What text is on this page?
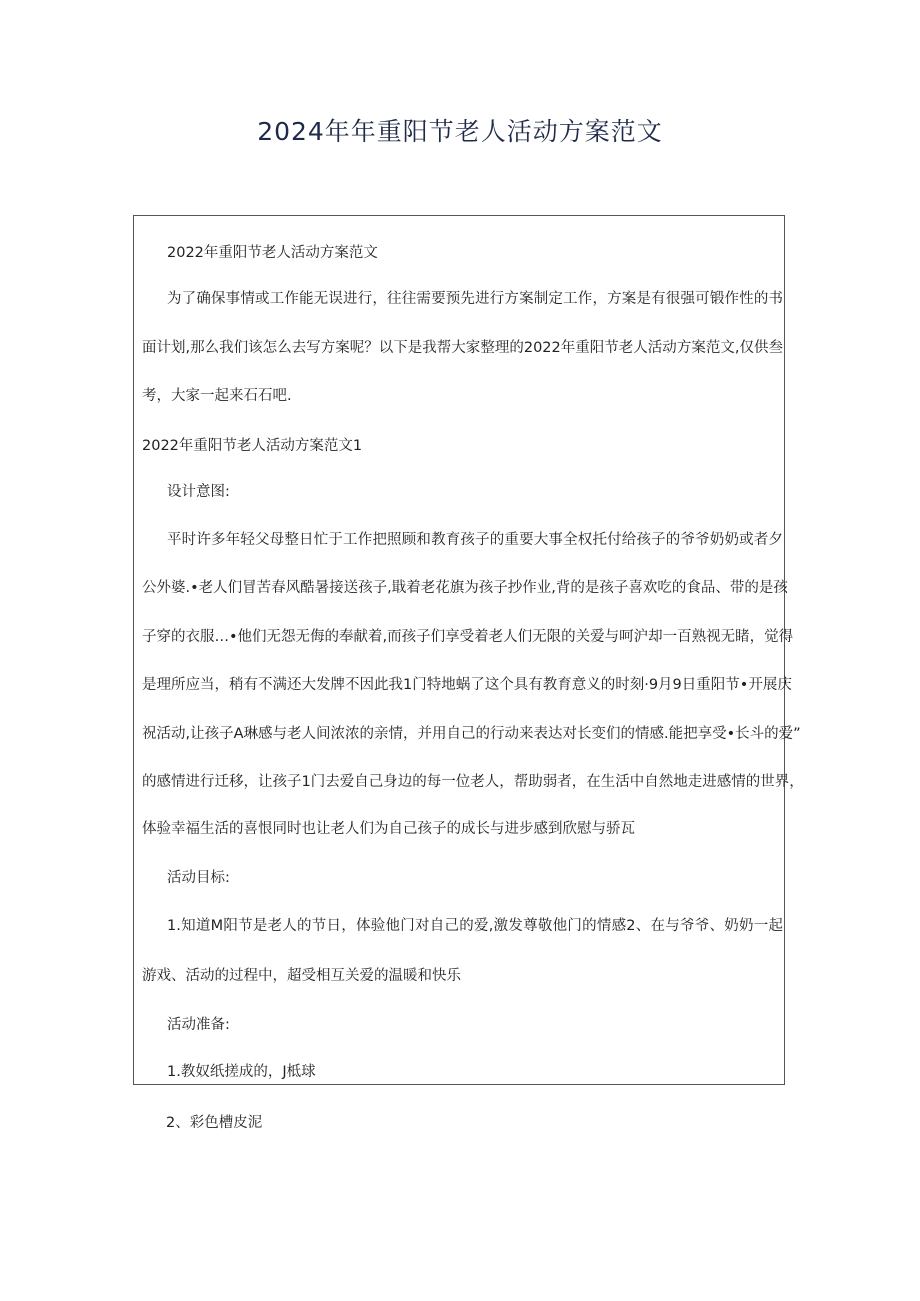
2024年年重阳节老人活动方案范文
2022年重阳节老人活动方案范文
为了确保事情或工作能无误进行，往往需要预先进行方案制定工作，方案是有很强可锻作性的书
面计划,那么我们该怎么去写方案呢？以下是我帮大家整理的2022年重阳节老人活动方案范文,仅供叁
考，大家一起来石石吧.
2022年重阳节老人活动方案范文1
设计意图:
平时许多年轻父母整日忙于工作把照顾和教育孩子的重要大事全权托付给孩子的爷爷奶奶或者夕
公外婆.•老人们冒苦春风酷暑接送孩子,戢着老花旗为孩子抄作业,背的是孩子喜欢吃的食品、带的是孩
子穿的衣服…•他们无怨无侮的奉献着,而孩子们享受着老人们无限的关爱与呵沪却一百熟视无睹，觉得
是理所应当，稍有不满还大发牌不因此我1门特地蜗了这个具有教育意义的时刻·9月9日重阳节•开展庆
祝活动,让孩子A琳感与老人间浓浓的亲情，并用自己的行动来表达对长变们的情感.能把享受•长斗的爱”
的感情进行迁移，让孩子1门去爱自己身边的每一位老人，帮助弱者，在生活中自然地走进感情的世界，
体验幸福生活的喜恨同时也让老人们为自己孩子的成长与进步感到欣慰与骄瓦
活动目标:
1.知道M阳节是老人的节日，体验他门对自己的爱,激发尊敬他门的情感2、在与爷爷、奶奶一起
游戏、活动的过程中，超受相互关爱的温暖和快乐
活动准备:
1.教奴纸搓成的，J柢球
2、彩色槽皮泥
